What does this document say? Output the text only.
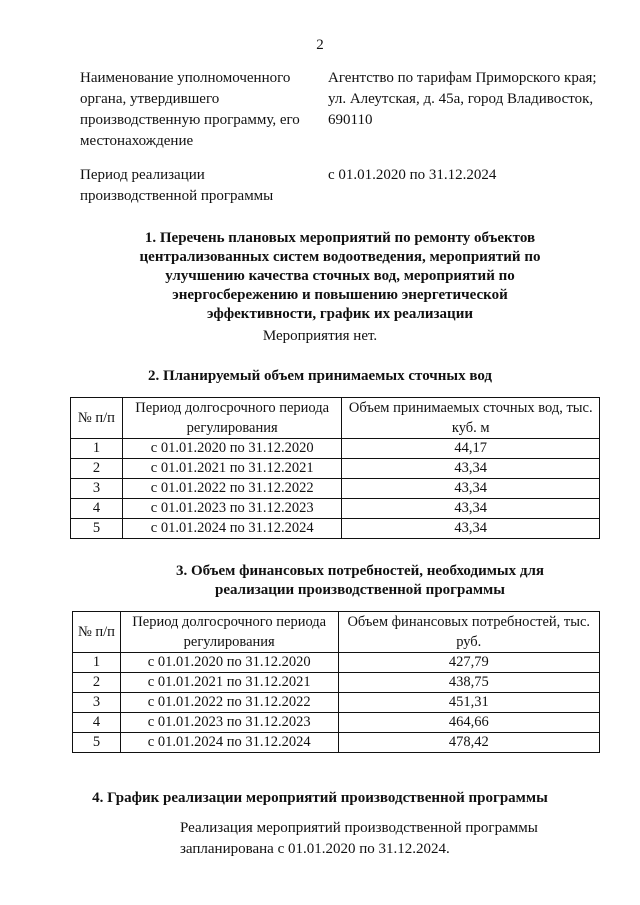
2
Наименование уполномоченного органа, утвердившего производственную программу, его местонахождение
Агентство по тарифам Приморского края; ул. Алеутская, д. 45а, город Владивосток, 690110
Период реализации производственной программы
с 01.01.2020 по 31.12.2024
1. Перечень плановых мероприятий по ремонту объектов централизованных систем водоотведения, мероприятий по улучшению качества сточных вод, мероприятий по энергосбережению и повышению энергетической эффективности, график их реализации
Мероприятия нет.
2. Планируемый объем принимаемых сточных вод
№ п/п	Период долгосрочного периода регулирования	Объем принимаемых сточных вод, тыс. куб. м
1	с 01.01.2020 по 31.12.2020	44,17
2	с 01.01.2021 по 31.12.2021	43,34
3	с 01.01.2022 по 31.12.2022	43,34
4	с 01.01.2023 по 31.12.2023	43,34
5	с 01.01.2024 по 31.12.2024	43,34
3. Объем финансовых потребностей, необходимых для реализации производственной программы
№ п/п	Период долгосрочного периода регулирования	Объем финансовых потребностей, тыс. руб.
1	с 01.01.2020 по 31.12.2020	427,79
2	с 01.01.2021 по 31.12.2021	438,75
3	с 01.01.2022 по 31.12.2022	451,31
4	с 01.01.2023 по 31.12.2023	464,66
5	с 01.01.2024 по 31.12.2024	478,42
4. График реализации мероприятий производственной программы
Реализация мероприятий производственной программы запланирована с 01.01.2020 по 31.12.2024.
